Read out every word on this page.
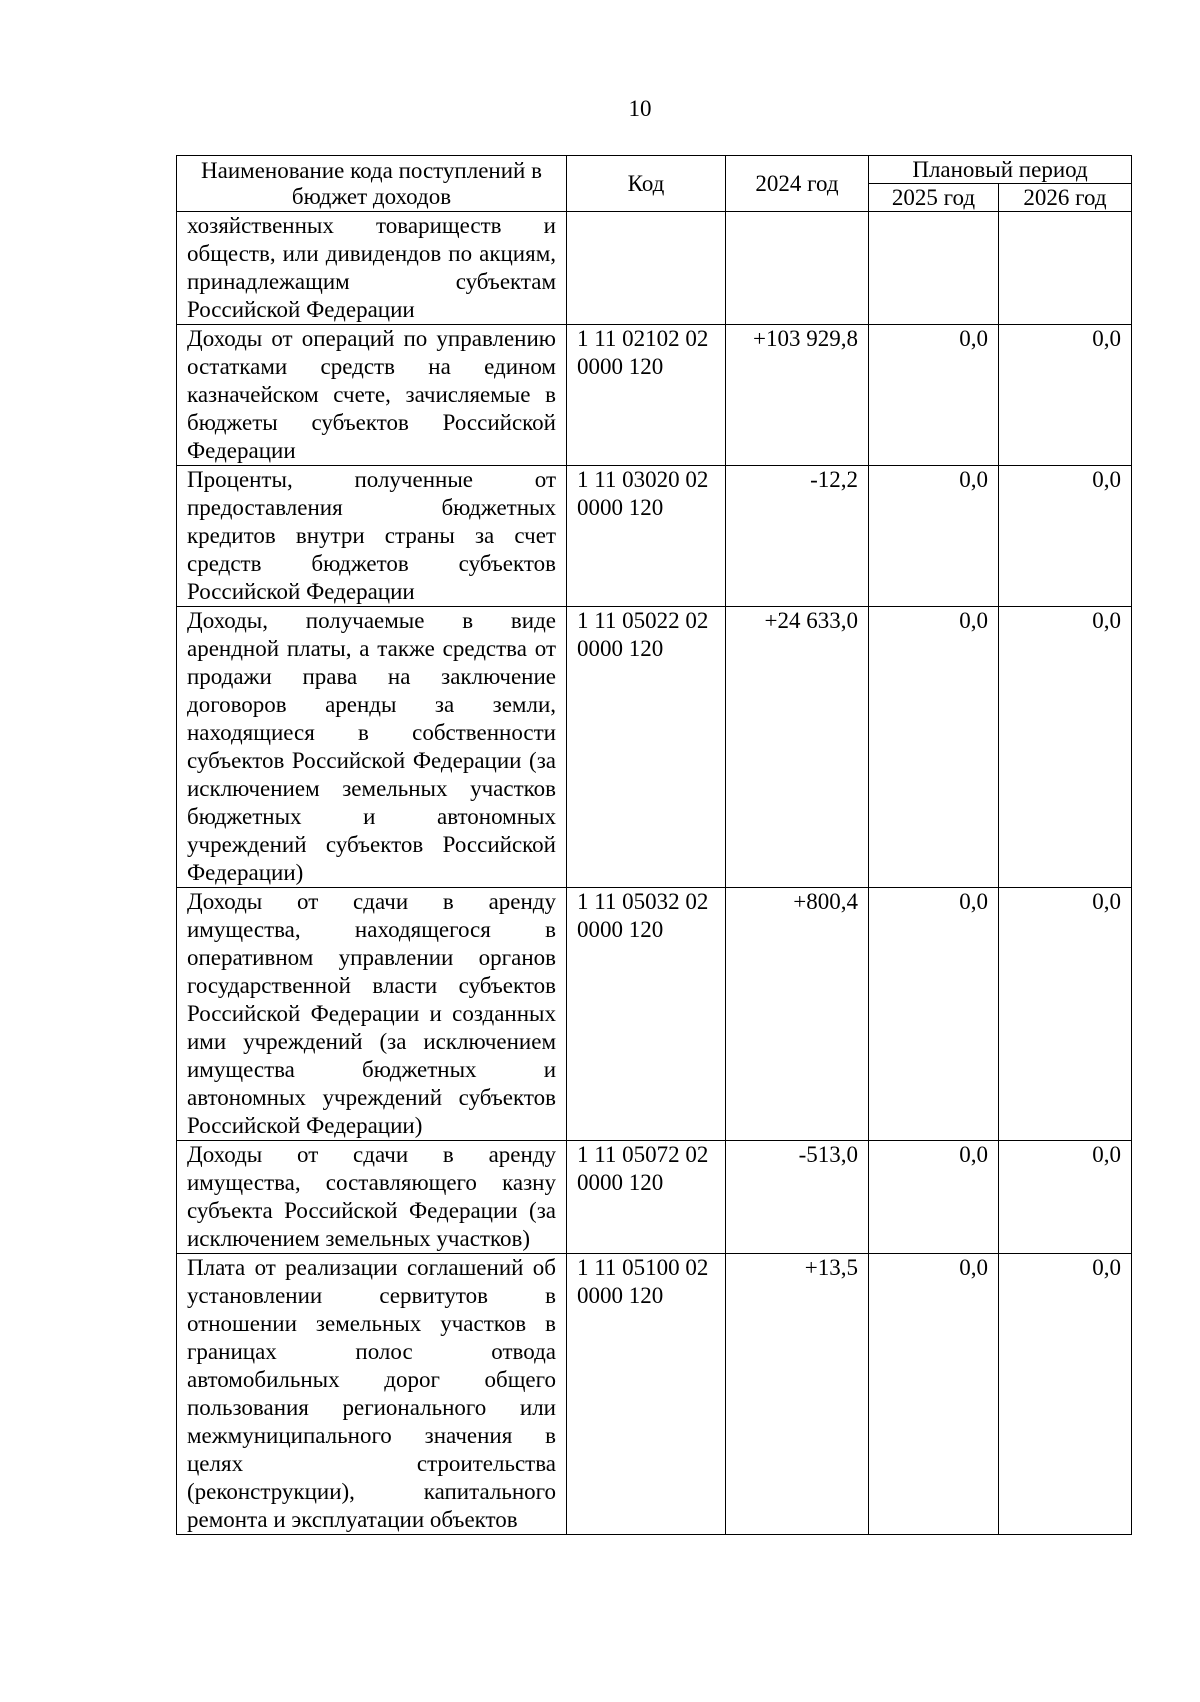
10
Наименование кода поступлений в бюджет доходов	Код	2024 год	Плановый период	
			2025 год	2026 год
хозяйственных товариществ и обществ, или дивидендов по акциям, принадлежащим субъектам Российской Федерации				
Доходы от операций по управлению остатками средств на едином казначейском счете, зачисляемые в бюджеты субъектов Российской Федерации	1 11 02102 02 0000 120	+103 929,8	0,0	0,0
Проценты, полученные от предоставления бюджетных кредитов внутри страны за счет средств бюджетов субъектов Российской Федерации	1 11 03020 02 0000 120	-12,2	0,0	0,0
Доходы, получаемые в виде арендной платы, а также средства от продажи права на заключение договоров аренды за земли, находящиеся в собственности субъектов Российской Федерации (за исключением земельных участков бюджетных и автономных учреждений субъектов Российской Федерации)	1 11 05022 02 0000 120	+24 633,0	0,0	0,0
Доходы от сдачи в аренду имущества, находящегося в оперативном управлении органов государственной власти субъектов Российской Федерации и созданных ими учреждений (за исключением имущества бюджетных и автономных учреждений субъектов Российской Федерации)	1 11 05032 02 0000 120	+800,4	0,0	0,0
Доходы от сдачи в аренду имущества, составляющего казну субъекта Российской Федерации (за исключением земельных участков)	1 11 05072 02 0000 120	-513,0	0,0	0,0
Плата от реализации соглашений об установлении сервитутов в отношении земельных участков в границах полос отвода автомобильных дорог общего пользования регионального или межмуниципального значения в целях строительства (реконструкции), капитального ремонта и эксплуатации объектов	1 11 05100 02 0000 120	+13,5	0,0	0,0
